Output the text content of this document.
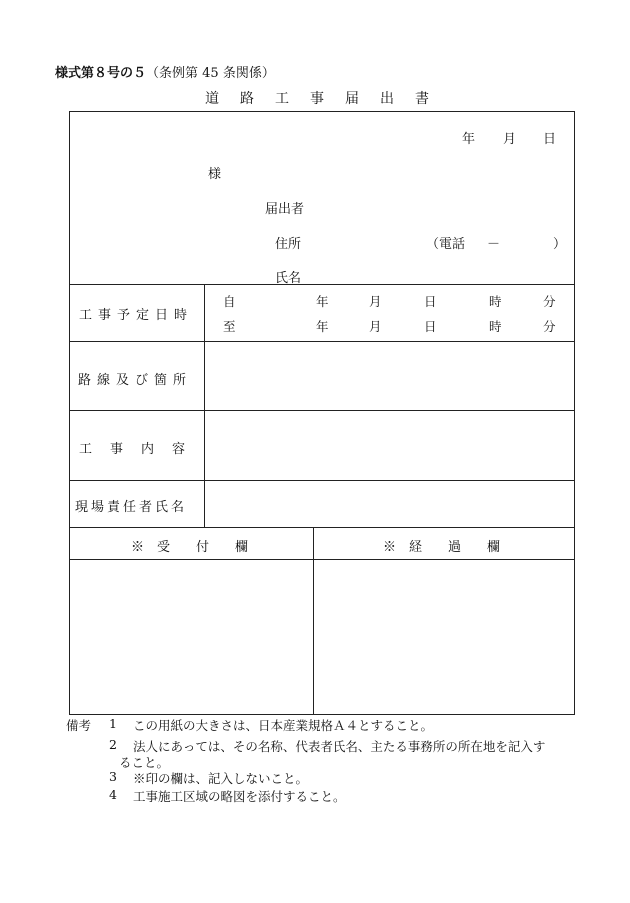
様式第８号の５（条例第 45 条関係）
道路工事届出書
年 月 日
様
届出者
住所	（電話 －	）
氏名
工事予定日時
自	年	月	日	時	分
至	年	月	日	時	分
路線及び箇所
工事内容
現場責任者氏名
※　受　　付　　欄	※　経　　過　　欄
備考 1 この用紙の大きさは、日本産業規格Ａ４とすること。
2 法人にあっては、その名称、代表者氏名、主たる事務所の所在地を記入す
ること。
3 ※印の欄は、記入しないこと。
4 工事施工区域の略図を添付すること。
